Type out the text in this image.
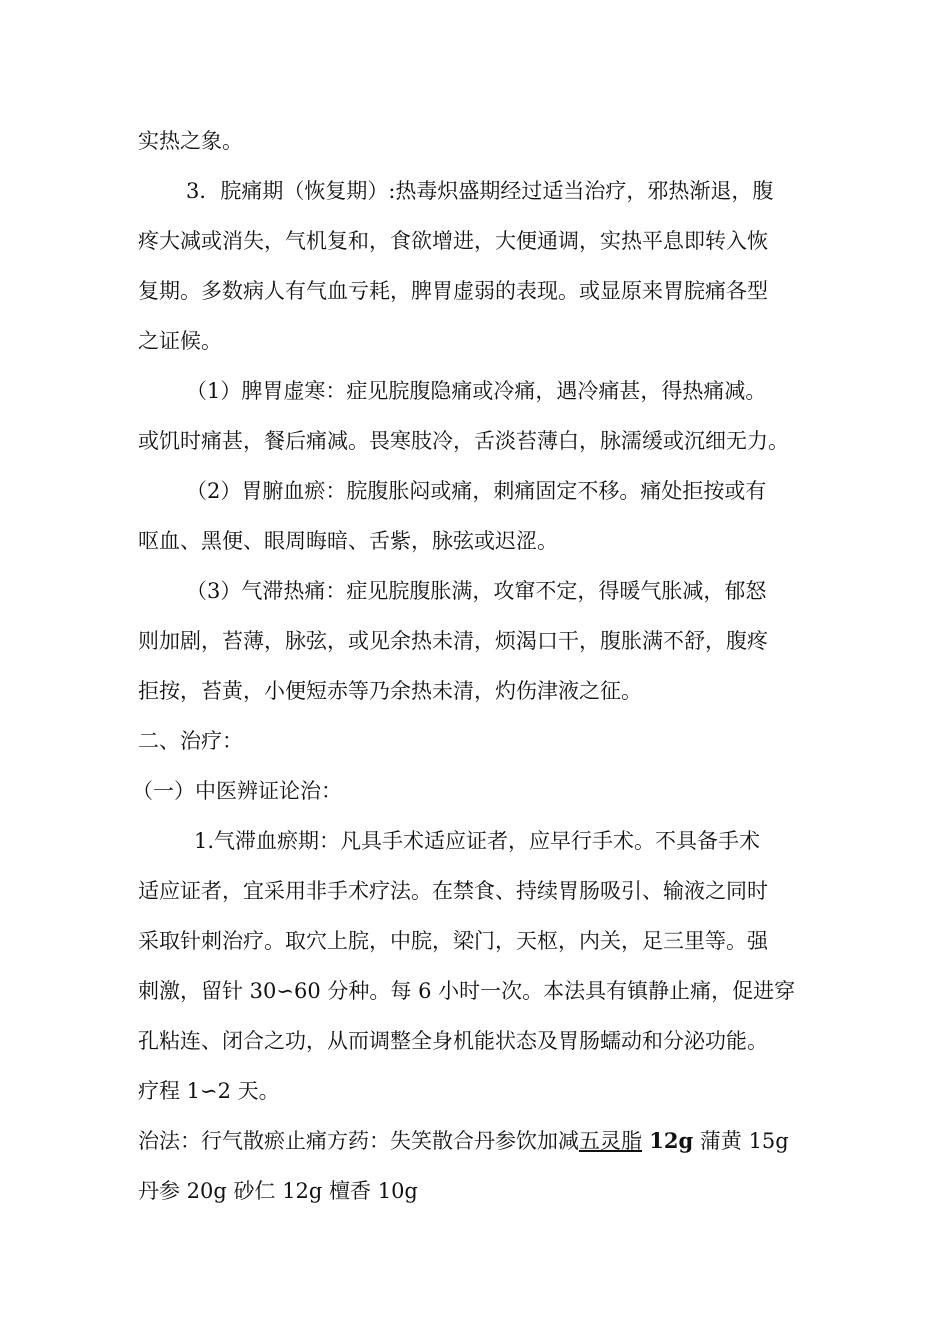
实热之象。
3．脘痛期（恢复期）:热毒炽盛期经过适当治疗，邪热渐退，腹
疼大减或消失，气机复和，食欲增进，大便通调，实热平息即转入恢
复期。多数病人有气血亏耗，脾胃虚弱的表现。或显原来胃脘痛各型
之证候。
（1）脾胃虚寒：症见脘腹隐痛或冷痛，遇冷痛甚，得热痛减。
或饥时痛甚，餐后痛减。畏寒肢冷，舌淡苔薄白，脉濡缓或沉细无力。
（2）胃腑血瘀：脘腹胀闷或痛，刺痛固定不移。痛处拒按或有
呕血、黑便、眼周晦暗、舌紫，脉弦或迟涩。
（3）气滞热痛：症见脘腹胀满，攻窜不定，得暖气胀减，郁怒
则加剧，苔薄，脉弦，或见余热未清，烦渴口干，腹胀满不舒，腹疼
拒按，苔黄，小便短赤等乃余热未清，灼伤津液之征。
二、治疗：
（一）中医辨证论治：
1.气滞血瘀期：凡具手术适应证者，应早行手术。不具备手术
适应证者，宜采用非手术疗法。在禁食、持续胃肠吸引、输液之同时
采取针刺治疗。取穴上脘，中脘，梁门，天枢，内关，足三里等。强
刺激，留针 30∽60 分种。每 6 小时一次。本法具有镇静止痛，促进穿
孔粘连、闭合之功，从而调整全身机能状态及胃肠蠕动和分泌功能。
疗程 1∽2 天。
治法：行气散瘀止痛方药：失笑散合丹参饮加减五灵脂 12g 蒲黄 15g
丹参 20g 砂仁 12g 檀香 10g
